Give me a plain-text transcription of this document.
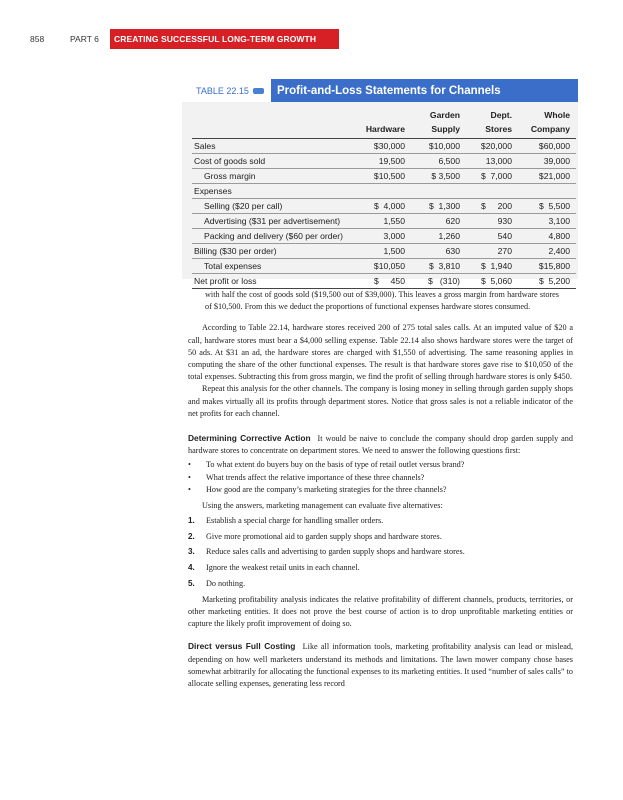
858	PART 6	CREATING SUCCESSFUL LONG-TERM GROWTH
TABLE 22.15	Profit-and-Loss Statements for Channels
		Garden	Dept.	Whole
	Hardware	Supply	Stores	Company
Sales	$30,000	$10,000	$20,000	$60,000
Cost of goods sold	19,500	6,500	13,000	39,000
Gross margin	$10,500	$ 3,500	$  7,000	$21,000
Expenses				
Selling ($20 per call)	$  4,000	$  1,300	$     200	$  5,500
Advertising ($31 per advertisement)	1,550	620	930	3,100
Packing and delivery ($60 per order)	3,000	1,260	540	4,800
Billing ($30 per order)	1,500	630	270	2,400
Total expenses	$10,050	$  3,810	$  1,940	$15,800
Net profit or loss	$     450	$   (310)	$  5,060	$  5,200

with half the cost of goods sold ($19,500 out of $39,000). This leaves a gross margin from hardware stores of $10,500. From this we deduct the proportions of functional expenses hardware stores consumed.

According to Table 22.14, hardware stores received 200 of 275 total sales calls. At an imputed value of $20 a call, hardware stores must bear a $4,000 selling expense. Table 22.14 also shows hardware stores were the target of 50 ads. At $31 an ad, the hardware stores are charged with $1,550 of advertising. The same reasoning applies in computing the share of the other functional expenses. The result is that hardware stores gave rise to $10,050 of the total expenses. Subtracting this from gross margin, we find the profit of selling through hardware stores is only $450.

Repeat this analysis for the other channels. The company is losing money in selling through garden supply shops and makes virtually all its profits through department stores. Notice that gross sales is not a reliable indicator of the net profits for each channel.

Determining Corrective Action It would be naive to conclude the company should drop garden supply and hardware stores to concentrate on department stores. We need to answer the following questions first:

• To what extent do buyers buy on the basis of type of retail outlet versus brand?
• What trends affect the relative importance of these three channels?
• How good are the company’s marketing strategies for the three channels?

Using the answers, marketing management can evaluate five alternatives:

1.	Establish a special charge for handling smaller orders.
2.	Give more promotional aid to garden supply shops and hardware stores.
3.	Reduce sales calls and advertising to garden supply shops and hardware stores.
4.	Ignore the weakest retail units in each channel.
5.	Do nothing.

Marketing profitability analysis indicates the relative profitability of different channels, products, territories, or other marketing entities. It does not prove the best course of action is to drop unprofitable marketing entities or capture the likely profit improvement of doing so.

Direct versus Full Costing Like all information tools, marketing profitability analysis can lead or mislead, depending on how well marketers understand its methods and limitations. The lawn mower company chose bases somewhat arbitrarily for allocating the functional expenses to its marketing entities. It used “number of sales calls” to allocate selling expenses, generating less record
